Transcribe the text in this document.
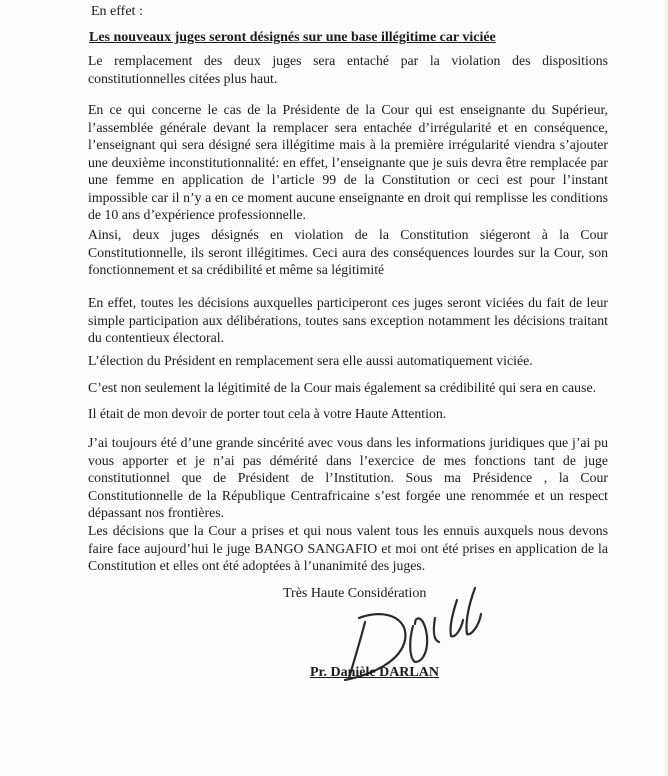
En effet :
Les nouveaux juges seront désignés sur une base illégitime car viciée

Le remplacement des deux juges sera entaché par la violation des dispositions constitutionnelles citées plus haut.

En ce qui concerne le cas de la Présidente de la Cour qui est enseignante du Supérieur, l’assemblée générale devant la remplacer sera entachée d’irrégularité et en conséquence, l’enseignant qui sera désigné sera illégitime mais à la première irrégularité viendra s’ajouter une deuxième inconstitutionnalité: en effet, l’enseignante que je suis devra être remplacée par une femme en application de l’article 99 de la Constitution or ceci est pour l’instant impossible car il n’y a en ce moment aucune enseignante en droit qui remplisse les conditions de 10 ans d’expérience professionnelle.

Ainsi, deux juges désignés en violation de la Constitution siégeront à la Cour Constitutionnelle, ils seront illégitimes. Ceci aura des conséquences lourdes sur la Cour, son fonctionnement et sa crédibilité et même sa légitimité

En effet, toutes les décisions auxquelles participeront ces juges seront viciées du fait de leur simple participation aux délibérations, toutes sans exception notamment les décisions traitant du contentieux électoral.

L’élection du Président en remplacement sera elle aussi automatiquement viciée.

C’est non seulement la légitimité de la Cour mais également sa crédibilité qui sera en cause.

Il était de mon devoir de porter tout cela à votre Haute Attention.

J’ai toujours été d’une grande sincérité avec vous dans les informations juridiques que j’ai pu vous apporter et je n’ai pas démérité dans l’exercice de mes fonctions tant de juge constitutionnel que de Président de l’Institution. Sous ma Présidence , la Cour Constitutionnelle de la République Centrafricaine s’est forgée une renommée et un respect dépassant nos frontières.

Les décisions que la Cour a prises et qui nous valent tous les ennuis auxquels nous devons faire face aujourd’hui le juge BANGO SANGAFIO et moi ont été prises en application de la Constitution et elles ont été adoptées à l’unanimité des juges.

Très Haute Considération
Pr. Danièle DARLAN
